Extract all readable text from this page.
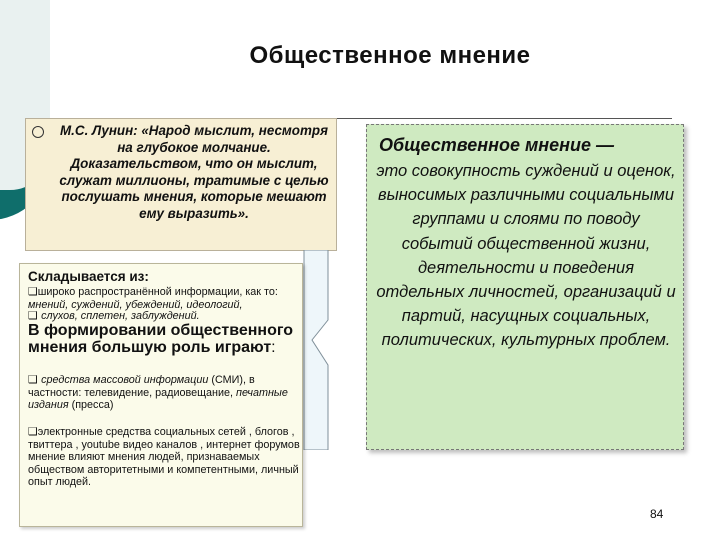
Общественное мнение
М.С. Лунин: «Народ мыслит, несмотря на глубокое молчание. Доказательством, что он мыслит, служат миллионы, тратимые с целью послушать мнения, которые мешают ему выразить».
Складывается из:
❑широко распространённой информации, как то: мнений, суждений, убеждений, идеологий,
❑ слухов, сплетен, заблуждений.
В формировании общественного мнения большую роль играют:
❑ средства массовой информации (СМИ), в частности: телевидение, радиовещание, печатные издания (пресса)
❑электронные средства социальных сетей , блогов , твиттера , youtube видео каналов , интернет форумов мнение влияют мнения людей, признаваемых обществом авторитетными и компетентными, личный опыт людей.
Общественное мнение —
это совокупность суждений и оценок, выносимых различными социальными группами и слоями по поводу событий общественной жизни, деятельности и поведения отдельных личностей, организаций и партий, насущных социальных, политических, культурных проблем.
84
